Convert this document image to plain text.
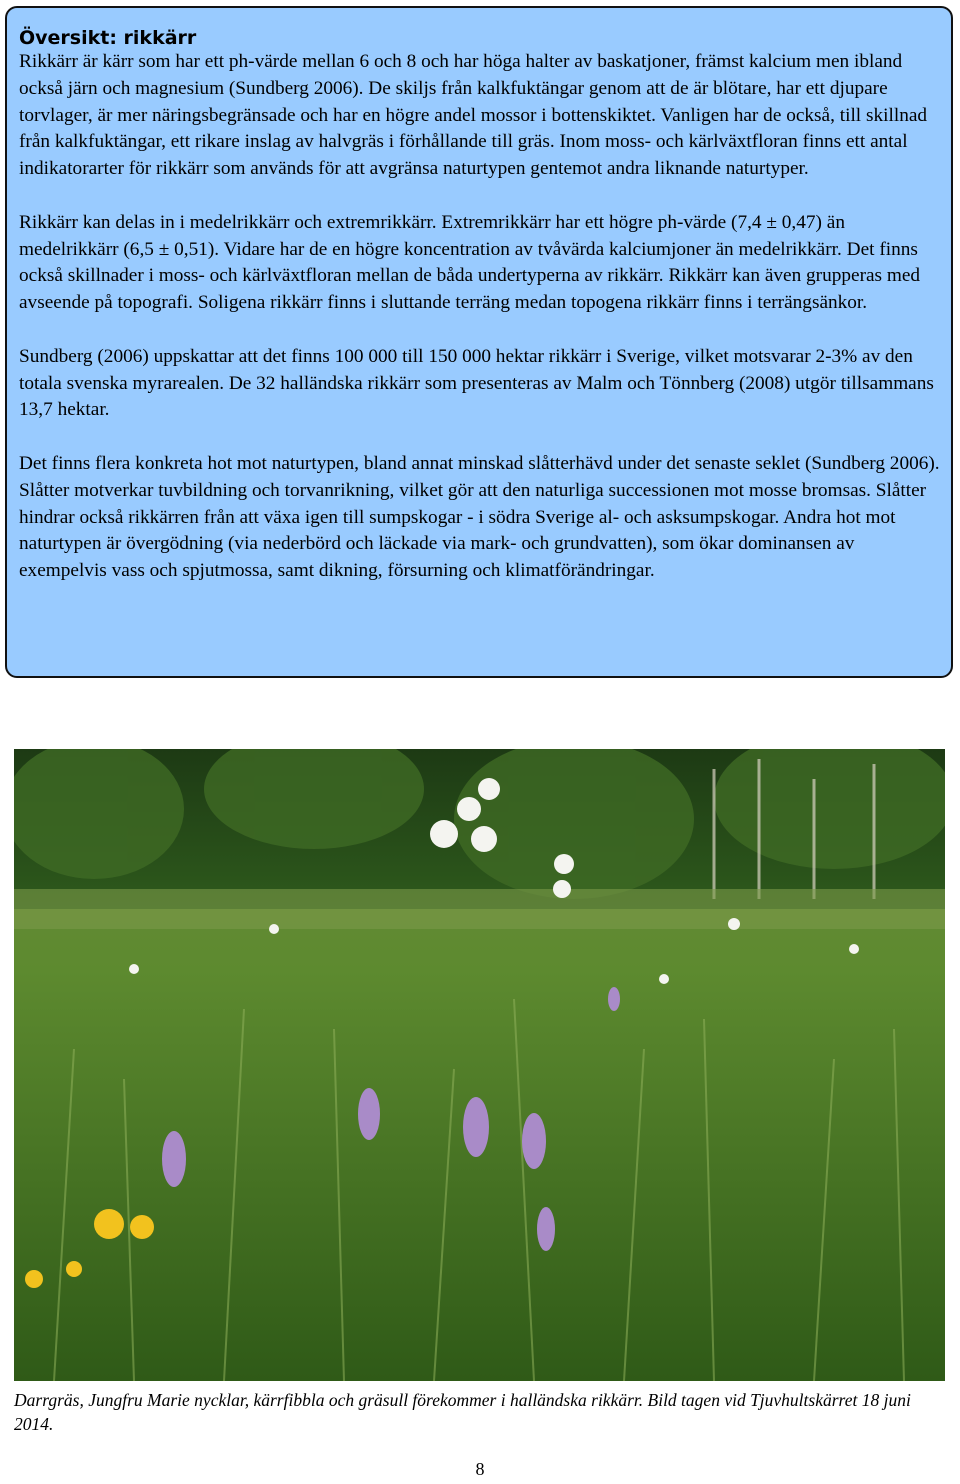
Översikt: rikkärr

Rikkärr är kärr som har ett ph-värde mellan 6 och 8 och har höga halter av baskatjoner, främst kalcium men ibland också järn och magnesium (Sundberg 2006). De skiljs från kalkfuktängar genom att de är blötare, har ett djupare torvlager, är mer näringsbegränsade och har en högre andel mossor i bottenskiktet. Vanligen har de också, till skillnad från kalkfuktängar, ett rikare inslag av halvgräs i förhållande till gräs. Inom moss- och kärlväxtfloran finns ett antal indikatorarter för rikkärr som används för att avgränsa naturtypen gentemot andra liknande naturtyper.

Rikkärr kan delas in i medelrikkärr och extremrikkärr. Extremrikkärr har ett högre ph-värde (7,4 ± 0,47) än medelrikkärr (6,5 ± 0,51). Vidare har de en högre koncentration av tvåvärda kalciumjoner än medelrikkärr. Det finns också skillnader i moss- och kärlväxtfloran mellan de båda undertyperna av rikkärr. Rikkärr kan även grupperas med avseende på topografi. Soligena rikkärr finns i sluttande terräng medan topogena rikkärr finns i terrängsänkor.

Sundberg (2006) uppskattar att det finns 100 000 till 150 000 hektar rikkärr i Sverige, vilket motsvarar 2-3% av den totala svenska myrarealen. De 32 halländska rikkärr som presenteras av Malm och Tönnberg (2008) utgör tillsammans 13,7 hektar.

Det finns flera konkreta hot mot naturtypen, bland annat minskad slåtterhävd under det senaste seklet (Sundberg 2006). Slåtter motverkar tuvbildning och torvanrikning, vilket gör att den naturliga successionen mot mosse bromsas. Slåtter hindrar också rikkärren från att växa igen till sumpskogar - i södra Sverige al- och asksumpskogar. Andra hot mot naturtypen är övergödning (via nederbörd och läckade via mark- och grundvatten), som ökar dominansen av exempelvis vass och spjutmossa, samt dikning, försurning och klimatförändringar.

Darrgräs, Jungfru Marie nycklar, kärrfibbla och gräsull förekommer i halländska rikkärr. Bild tagen vid Tjuvhultskärret 18 juni 2014.

8
